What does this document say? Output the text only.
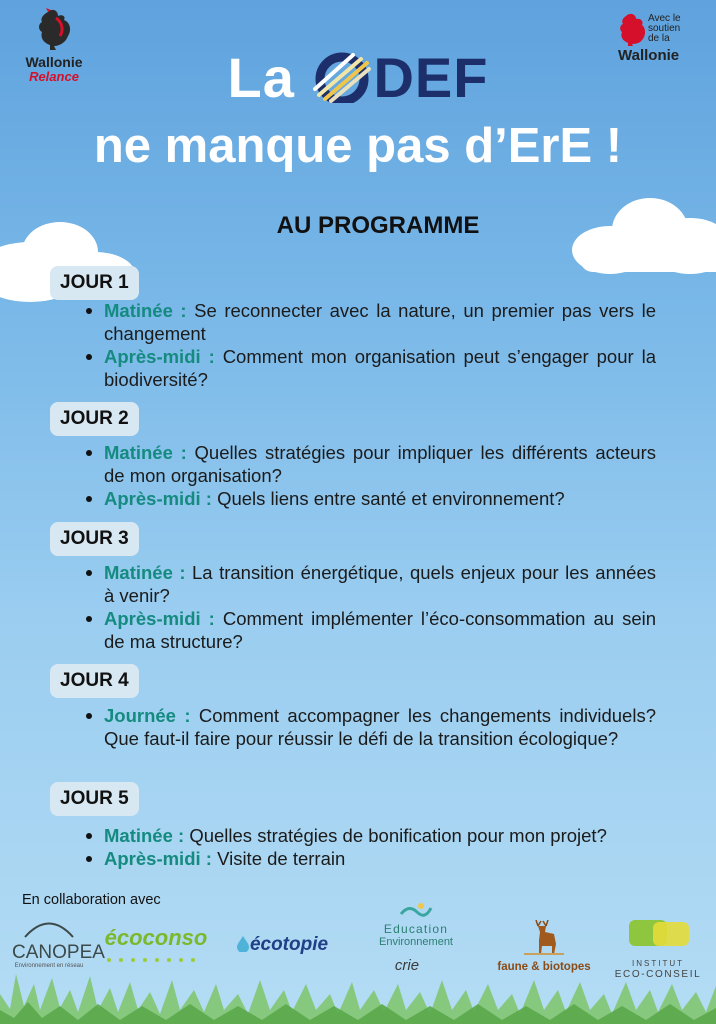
Wallonie
Relance
Avec le
soutien
de la
Wallonie
La DEF
ne manque pas d’ErE !
AU PROGRAMME
JOUR 1
Matinée : Se reconnecter avec la nature, un premier pas vers le changement
Après-midi : Comment mon organisation peut s’engager pour la biodiversité?
JOUR 2
Matinée : Quelles stratégies pour impliquer les différents acteurs de mon organisation?
Après-midi : Quels liens entre santé et environnement?
JOUR 3
Matinée : La transition énergétique, quels enjeux pour les années à venir?
Après-midi : Comment implémenter l’éco-consommation au sein de ma structure?
JOUR 4
Journée : Comment accompagner les changements individuels? Que faut-il faire pour réussir le défi de la transition écologique?
JOUR 5
Matinée : Quelles stratégies de bonification pour mon projet?
Après-midi : Visite de terrain
En collaboration avec
CANOPEA
Environnement en réseau
écoconso	écotopie
Education
Environnement
crie	faune & biotopes	INSTITUT
ECO-CONSEIL
